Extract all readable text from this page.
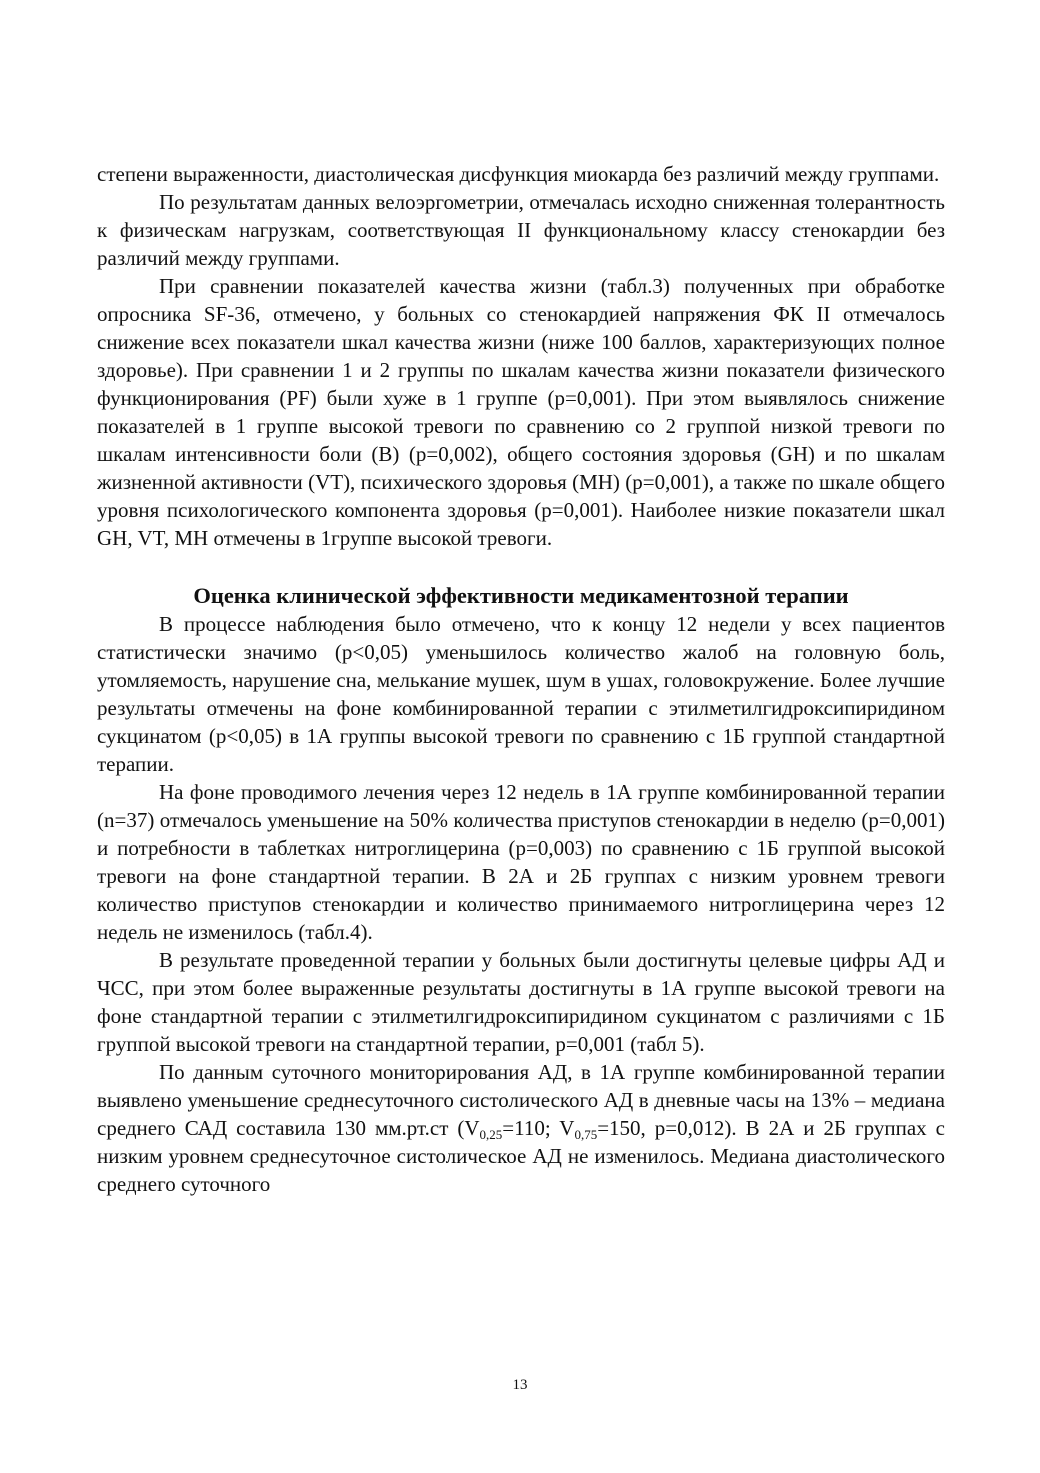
степени выраженности, диастолическая дисфункция миокарда без различий между группами.

По результатам данных велоэргометрии, отмечалась исходно сниженная толерантность к физическам нагрузкам, соответствующая II функциональному классу стенокардии без различий между группами.

При сравнении показателей качества жизни (табл.3) полученных при обработке опросника SF-36, отмечено, у больных со стенокардией напряжения ФК II отмечалось снижение всех показатели шкал качества жизни (ниже 100 баллов, характеризующих полное здоровье). При сравнении 1 и 2 группы по шкалам качества жизни показатели физического функционирования (PF) были хуже в 1 группе (p=0,001). При этом выявлялось снижение показателей в 1 группе высокой тревоги по сравнению со 2 группой низкой тревоги по шкалам интенсивности боли (B) (p=0,002), общего состояния здоровья (GH) и по шкалам жизненной активности (VT), психического здоровья (MH) (p=0,001), а также по шкале общего уровня психологического компонента здоровья (p=0,001). Наиболее низкие показатели шкал GH, VT, MH отмечены в 1группе высокой тревоги.

Оценка клинической эффективности медикаментозной терапии

В процессе наблюдения было отмечено, что к концу 12 недели у всех пациентов статистически значимо (p<0,05) уменьшилось количество жалоб на головную боль, утомляемость, нарушение сна, мелькание мушек, шум в ушах, головокружение. Более лучшие результаты отмечены на фоне комбинированной терапии с этилметилгидроксипиридином сукцинатом (p<0,05) в 1А группы высокой тревоги по сравнению с 1Б группой стандартной терапии.

На фоне проводимого лечения через 12 недель в 1А группе комбинированной терапии (n=37) отмечалось уменьшение на 50% количества приступов стенокардии в неделю (p=0,001) и потребности в таблетках нитроглицерина (p=0,003) по сравнению с 1Б группой высокой тревоги на фоне стандартной терапии. В 2А и 2Б группах с низким уровнем тревоги количество приступов стенокардии и количество принимаемого нитроглицерина через 12 недель не изменилось (табл.4).

В результате проведенной терапии у больных были достигнуты целевые цифры АД и ЧСС, при этом более выраженные результаты достигнуты в 1А группе высокой тревоги на фоне стандартной терапии с этилметилгидроксипиридином сукцинатом с различиями с 1Б группой высокой тревоги на стандартной терапии, p=0,001 (табл 5).

По данным суточного мониторирования АД, в 1А группе комбинированной терапии выявлено уменьшение среднесуточного систолического АД в дневные часы на 13% – медиана среднего САД составила 130 мм.рт.ст ($V_{0,25}=110$; $V_{0,75}=150$, p=0,012). В 2А и 2Б группах с низким уровнем среднесуточное систолическое АД не изменилось. Медиана диастолического среднего суточного

13
